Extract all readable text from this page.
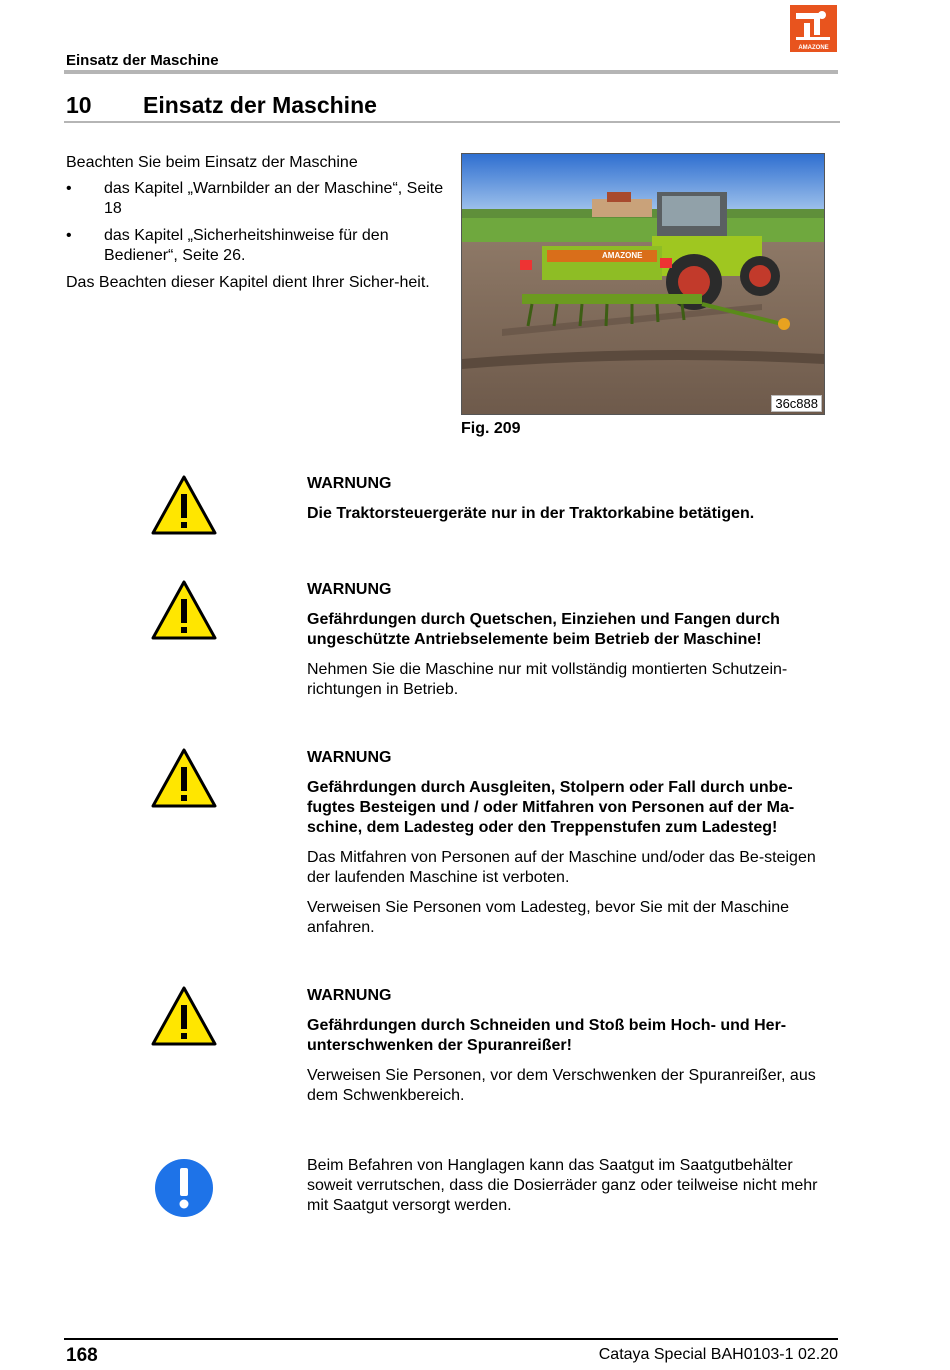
Einsatz der Maschine
AMAZONE
10 Einsatz der Maschine

Beachten Sie beim Einsatz der Maschine

• das Kapitel „Warnbilder an der Maschine“, Seite 18
• das Kapitel „Sicherheitshinweise für den Bediener“, Seite 26.

Das Beachten dieser Kapitel dient Ihrer Sicher-heit.

AMAZONE
36c888
Fig. 209

WARNUNG

Die Traktorsteuergeräte nur in der Traktorkabine betätigen.

WARNUNG

Gefährdungen durch Quetschen, Einziehen und Fangen durch ungeschützte Antriebselemente beim Betrieb der Maschine!

Nehmen Sie die Maschine nur mit vollständig montierten Schutzein-richtungen in Betrieb.

WARNUNG

Gefährdungen durch Ausgleiten, Stolpern oder Fall durch unbe-fugtes Besteigen und / oder Mitfahren von Personen auf der Ma-schine, dem Ladesteg oder den Treppenstufen zum Ladesteg!

Das Mitfahren von Personen auf der Maschine und/oder das Be-steigen der laufenden Maschine ist verboten.

Verweisen Sie Personen vom Ladesteg, bevor Sie mit der Maschine anfahren.

WARNUNG

Gefährdungen durch Schneiden und Stoß beim Hoch- und Her-unterschwenken der Spuranreißer!

Verweisen Sie Personen, vor dem Verschwenken der Spuranreißer, aus dem Schwenkbereich.

Beim Befahren von Hanglagen kann das Saatgut im Saatgutbehälter soweit verrutschen, dass die Dosierräder ganz oder teilweise nicht mehr mit Saatgut versorgt werden.

168	Cataya Special BAH0103-1 02.20
